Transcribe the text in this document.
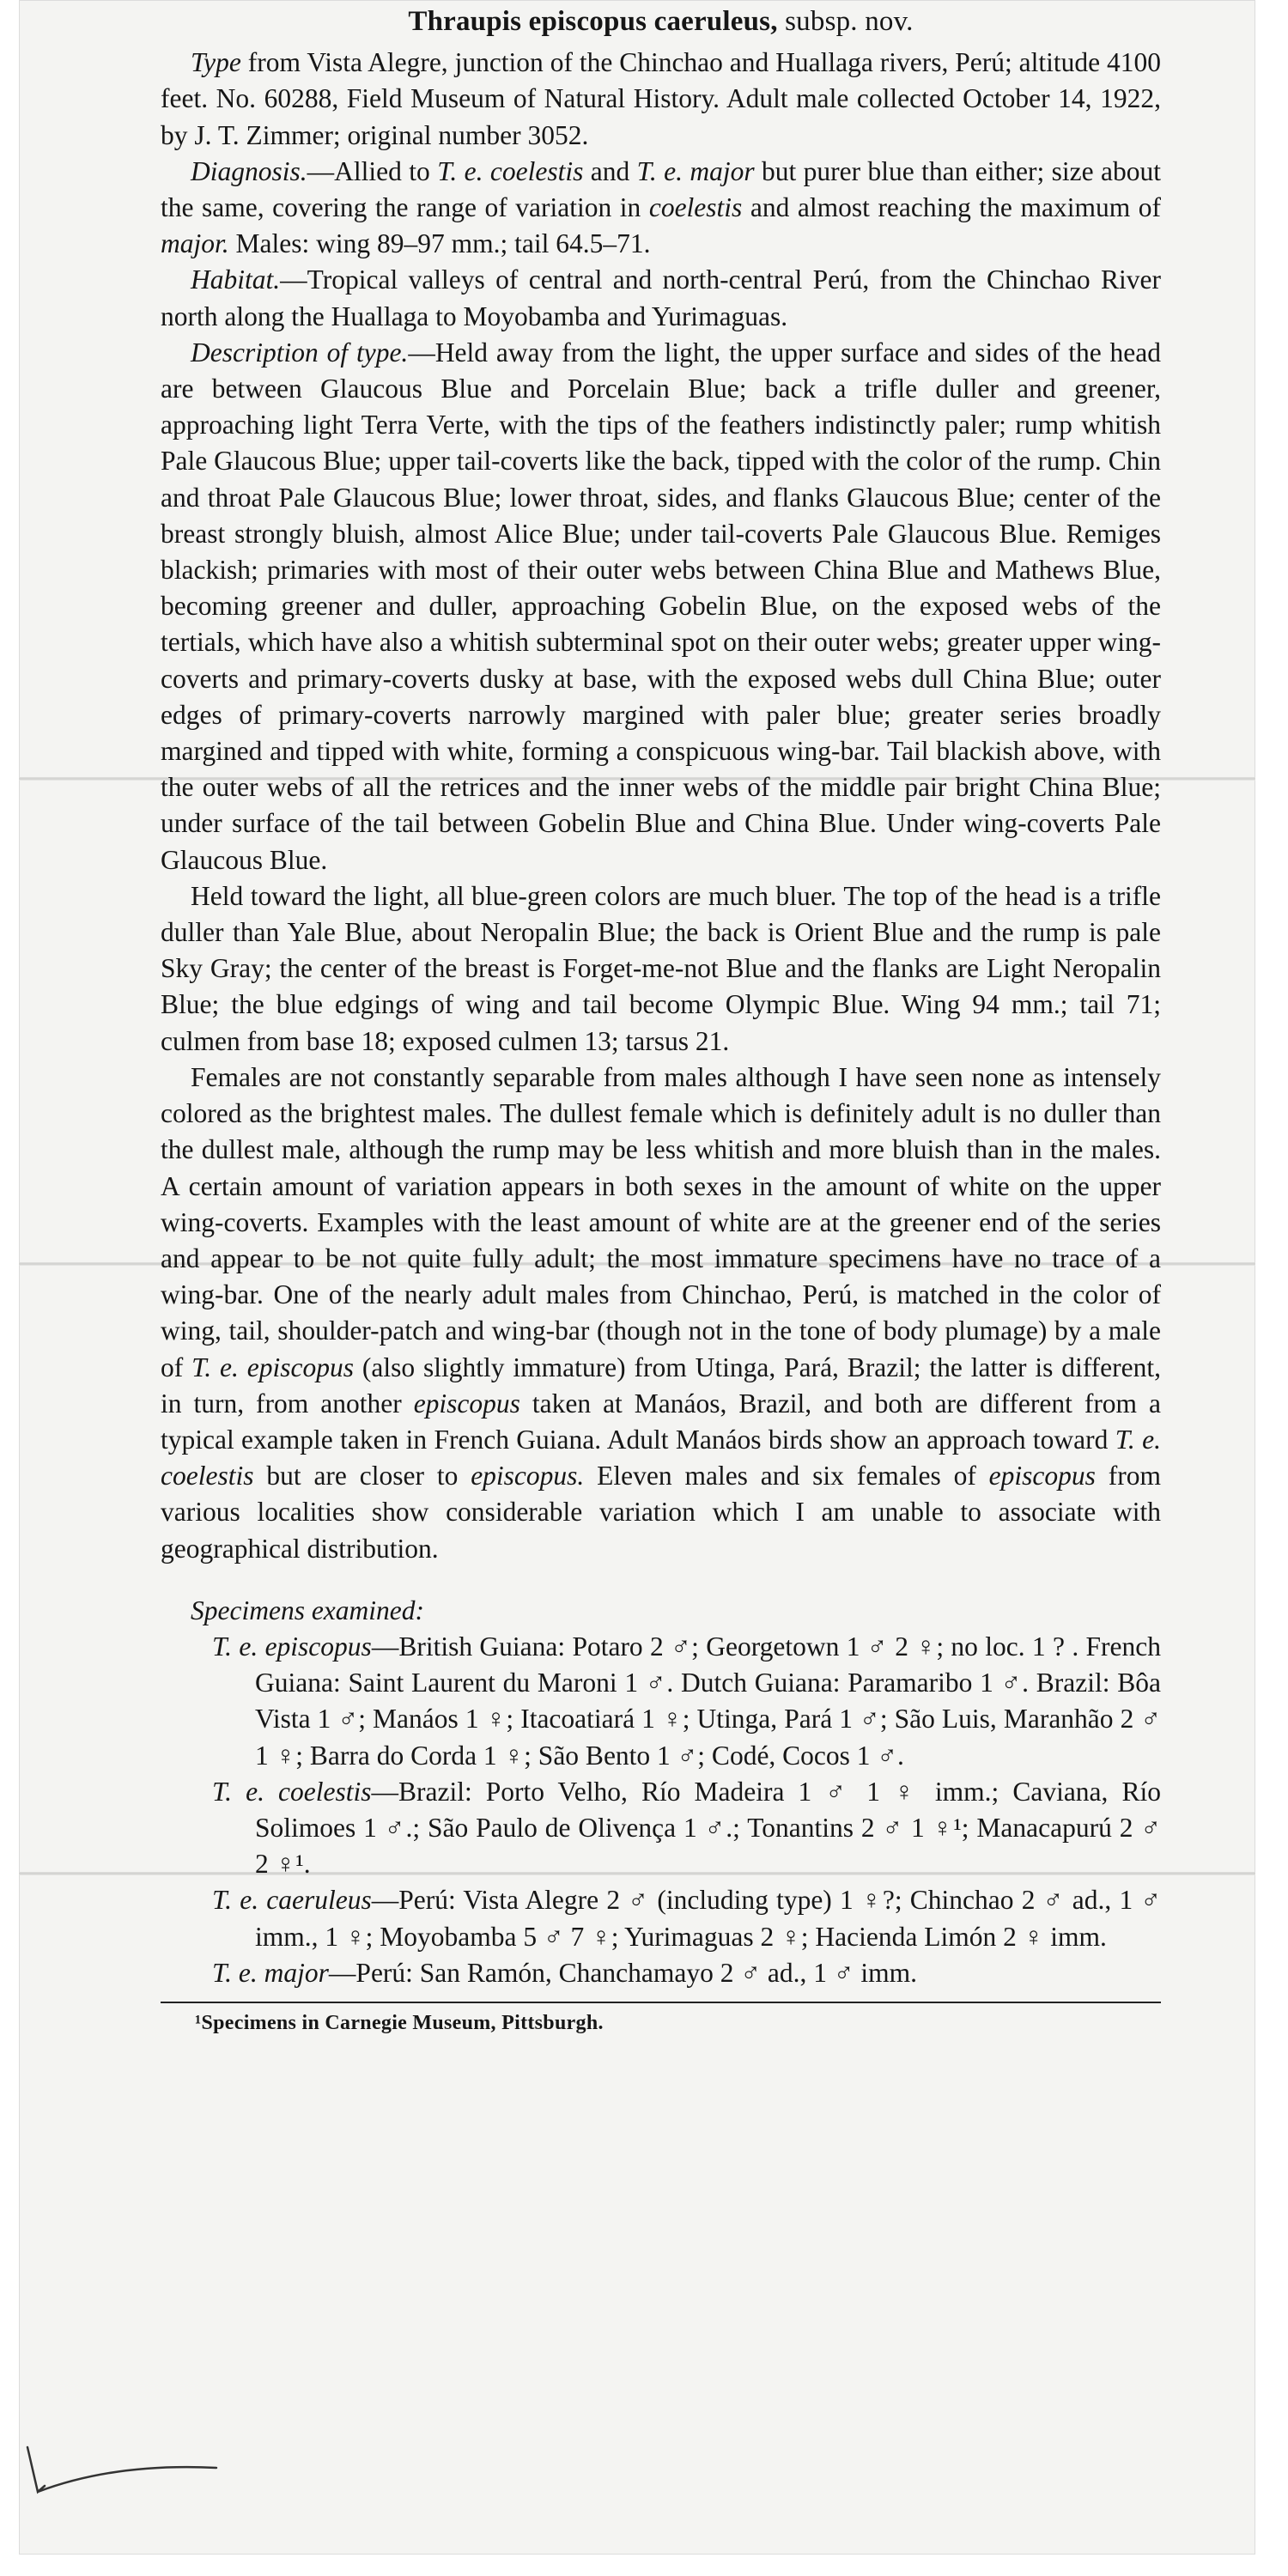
Thraupis episcopus caeruleus, subsp. nov.

Type from Vista Alegre, junction of the Chinchao and Huallaga rivers, Perú; altitude 4100 feet. No. 60288, Field Museum of Natural History. Adult male collected October 14, 1922, by J. T. Zimmer; original number 3052.

Diagnosis.—Allied to T. e. coelestis and T. e. major but purer blue than either; size about the same, covering the range of variation in coelestis and almost reaching the maximum of major. Males: wing 89–97 mm.; tail 64.5–71.

Habitat.—Tropical valleys of central and north-central Perú, from the Chinchao River north along the Huallaga to Moyobamba and Yurimaguas.

Description of type.—Held away from the light, the upper surface and sides of the head are between Glaucous Blue and Porcelain Blue; back a trifle duller and greener, approaching light Terra Verte, with the tips of the feathers indistinctly paler; rump whitish Pale Glaucous Blue; upper tail-coverts like the back, tipped with the color of the rump. Chin and throat Pale Glaucous Blue; lower throat, sides, and flanks Glaucous Blue; center of the breast strongly bluish, almost Alice Blue; under tail-coverts Pale Glaucous Blue. Remiges blackish; primaries with most of their outer webs between China Blue and Mathews Blue, becoming greener and duller, approaching Gobelin Blue, on the exposed webs of the tertials, which have also a whitish subterminal spot on their outer webs; greater upper wing-coverts and primary-coverts dusky at base, with the exposed webs dull China Blue; outer edges of primary-coverts narrowly margined with paler blue; greater series broadly margined and tipped with white, forming a conspicuous wing-bar. Tail blackish above, with the outer webs of all the retrices and the inner webs of the middle pair bright China Blue; under surface of the tail between Gobelin Blue and China Blue. Under wing-coverts Pale Glaucous Blue.

Held toward the light, all blue-green colors are much bluer. The top of the head is a trifle duller than Yale Blue, about Neropalin Blue; the back is Orient Blue and the rump is pale Sky Gray; the center of the breast is Forget-me-not Blue and the flanks are Light Neropalin Blue; the blue edgings of wing and tail become Olympic Blue. Wing 94 mm.; tail 71; culmen from base 18; exposed culmen 13; tarsus 21.

Females are not constantly separable from males although I have seen none as intensely colored as the brightest males. The dullest female which is definitely adult is no duller than the dullest male, although the rump may be less whitish and more bluish than in the males. A certain amount of variation appears in both sexes in the amount of white on the upper wing-coverts. Examples with the least amount of white are at the greener end of the series and appear to be not quite fully adult; the most immature specimens have no trace of a wing-bar. One of the nearly adult males from Chinchao, Perú, is matched in the color of wing, tail, shoulder-patch and wing-bar (though not in the tone of body plumage) by a male of T. e. episcopus (also slightly immature) from Utinga, Pará, Brazil; the latter is different, in turn, from another episcopus taken at Manáos, Brazil, and both are different from a typical example taken in French Guiana. Adult Manáos birds show an approach toward T. e. coelestis but are closer to episcopus. Eleven males and six females of episcopus from various localities show considerable variation which I am unable to associate with geographical distribution.

Specimens examined:

T. e. episcopus—British Guiana: Potaro 2 ♂; Georgetown 1 ♂ 2 ♀; no loc. 1 ? . French Guiana: Saint Laurent du Maroni 1 ♂. Dutch Guiana: Paramaribo 1 ♂. Brazil: Bôa Vista 1 ♂; Manáos 1 ♀; Itacoatiará 1 ♀; Utinga, Pará 1 ♂; São Luis, Maranhão 2 ♂ 1 ♀; Barra do Corda 1 ♀; São Bento 1 ♂; Codé, Cocos 1 ♂.

T. e. coelestis—Brazil: Porto Velho, Río Madeira 1 ♂ 1 ♀ imm.; Caviana, Río Solimoes 1 ♂.; São Paulo de Olivença 1 ♂.; Tonantins 2 ♂ 1 ♀¹; Manacapurú 2 ♂ 2 ♀¹.

T. e. caeruleus—Perú: Vista Alegre 2 ♂ (including type) 1 ♀?; Chinchao 2 ♂ ad., 1 ♂ imm., 1 ♀; Moyobamba 5 ♂ 7 ♀; Yurimaguas 2 ♀; Hacienda Limón 2 ♀ imm.

T. e. major—Perú: San Ramón, Chanchamayo 2 ♂ ad., 1 ♂ imm.

¹Specimens in Carnegie Museum, Pittsburgh.
